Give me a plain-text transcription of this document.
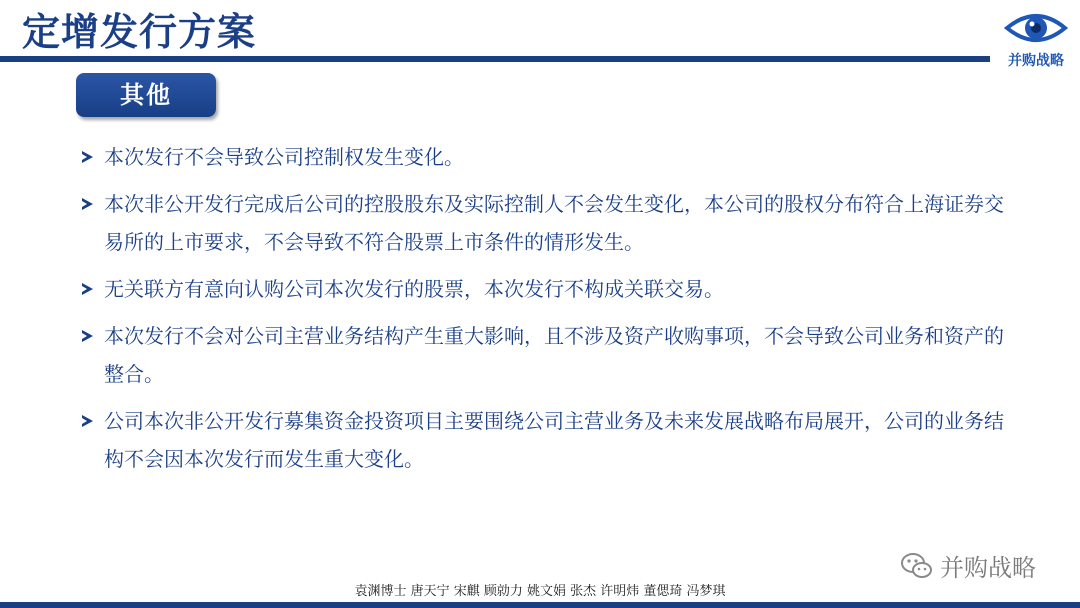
定增发行方案
并购战略
其他
本次发行不会导致公司控制权发生变化。
本次非公开发行完成后公司的控股股东及实际控制人不会发生变化，本公司的股权分布符合上海证券交易所的上市要求，不会导致不符合股票上市条件的情形发生。
无关联方有意向认购公司本次发行的股票，本次发行不构成关联交易。
本次发行不会对公司主营业务结构产生重大影响，且不涉及资产收购事项，不会导致公司业务和资产的整合。
公司本次非公开发行募集资金投资项目主要围绕公司主营业务及未来发展战略布局展开，公司的业务结构不会因本次发行而发生重大变化。
并购战略
袁渊博士 唐天宁 宋麒 顾勍力 姚文娟 张杰 许明炜 董偲琦 冯梦琪
